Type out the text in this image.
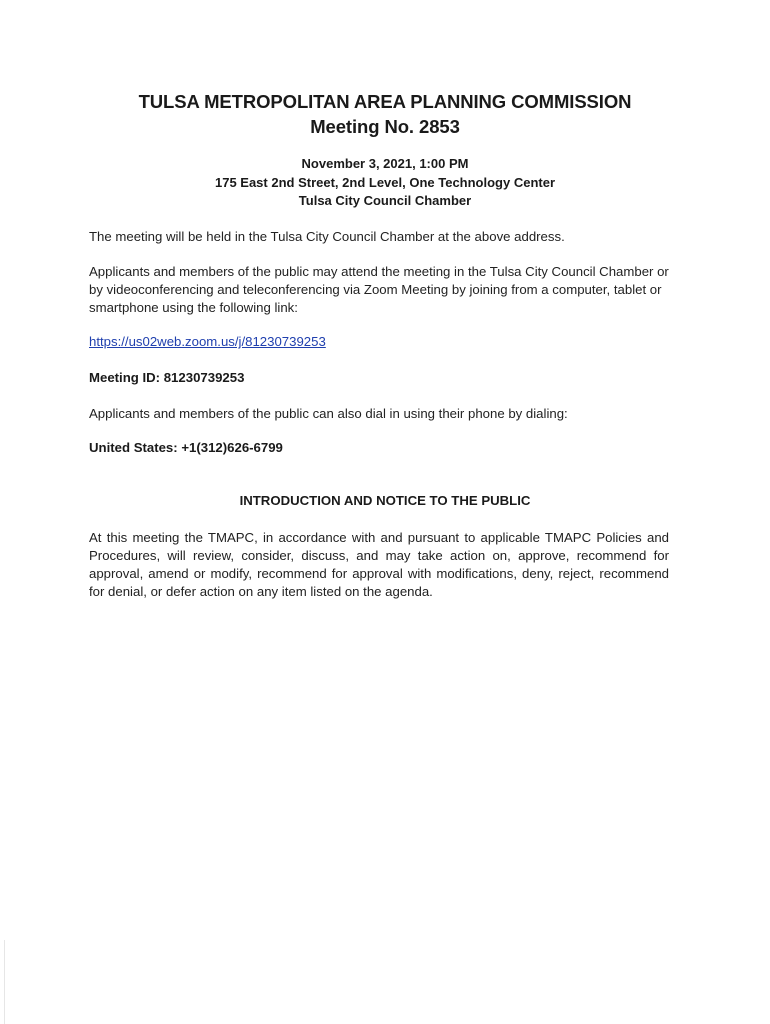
TULSA METROPOLITAN AREA PLANNING COMMISSION
Meeting No. 2853

November 3, 2021, 1:00 PM

175 East 2nd Street, 2nd Level, One Technology Center

Tulsa City Council Chamber

The meeting will be held in the Tulsa City Council Chamber at the above address.

Applicants and members of the public may attend the meeting in the Tulsa City Council Chamber or by videoconferencing and teleconferencing via Zoom Meeting by joining from a computer, tablet or smartphone using the following link:

https://us02web.zoom.us/j/81230739253

Meeting ID: 81230739253

Applicants and members of the public can also dial in using their phone by dialing:

United States: +1(312)626-6799

INTRODUCTION AND NOTICE TO THE PUBLIC

At this meeting the TMAPC, in accordance with and pursuant to applicable TMAPC Policies and Procedures, will review, consider, discuss, and may take action on, approve, recommend for approval, amend or modify, recommend for approval with modifications, deny, reject, recommend for denial, or defer action on any item listed on the agenda.
